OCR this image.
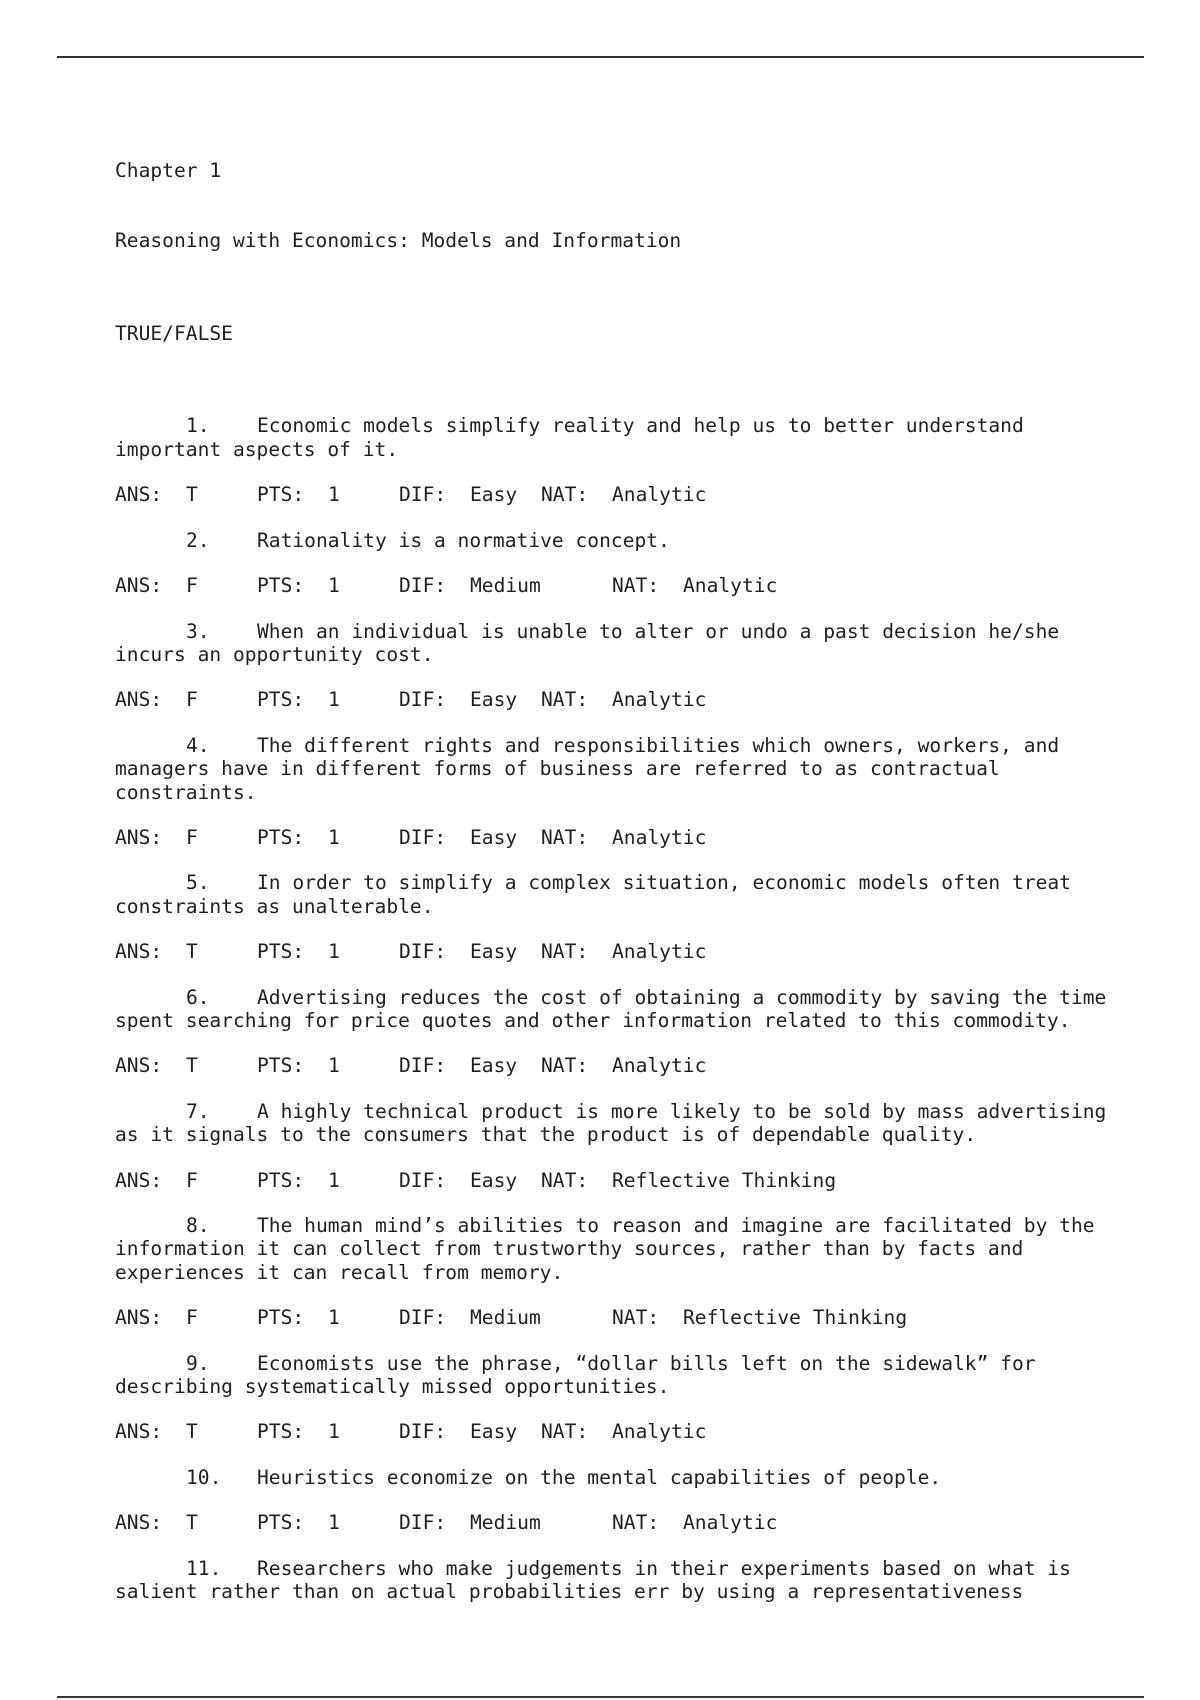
Chapter 1

Reasoning with Economics: Models and Information

TRUE/FALSE

1. Economic models simplify reality and help us to better understand important aspects of it.
ANS:	T	PTS:	1	DIF:	Easy	NAT:	Analytic
2. Rationality is a normative concept.
ANS:	F	PTS:	1	DIF:	Medium	NAT:	Analytic
3. When an individual is unable to alter or undo a past decision he/she incurs an opportunity cost.
ANS:	F	PTS:	1	DIF:	Easy	NAT:	Analytic
4. The different rights and responsibilities which owners, workers, and managers have in different forms of business are referred to as contractual constraints.
ANS:	F	PTS:	1	DIF:	Easy	NAT:	Analytic
5. In order to simplify a complex situation, economic models often treat constraints as unalterable.
ANS:	T	PTS:	1	DIF:	Easy	NAT:	Analytic
6. Advertising reduces the cost of obtaining a commodity by saving the time spent searching for price quotes and other information related to this commodity.
ANS:	T	PTS:	1	DIF:	Easy	NAT:	Analytic
7. A highly technical product is more likely to be sold by mass advertising as it signals to the consumers that the product is of dependable quality.
ANS:	F	PTS:	1	DIF:	Easy	NAT:	Reflective Thinking
8. The human mind’s abilities to reason and imagine are facilitated by the information it can collect from trustworthy sources, rather than by facts and experiences it can recall from memory.
ANS:	F	PTS:	1	DIF:	Medium	NAT:	Reflective Thinking
9. Economists use the phrase, “dollar bills left on the sidewalk” for describing systematically missed opportunities.
ANS:	T	PTS:	1	DIF:	Easy	NAT:	Analytic
10. Heuristics economize on the mental capabilities of people.
ANS:	T	PTS:	1	DIF:	Medium	NAT:	Analytic
11. Researchers who make judgements in their experiments based on what is salient rather than on actual probabilities err by using a representativeness
